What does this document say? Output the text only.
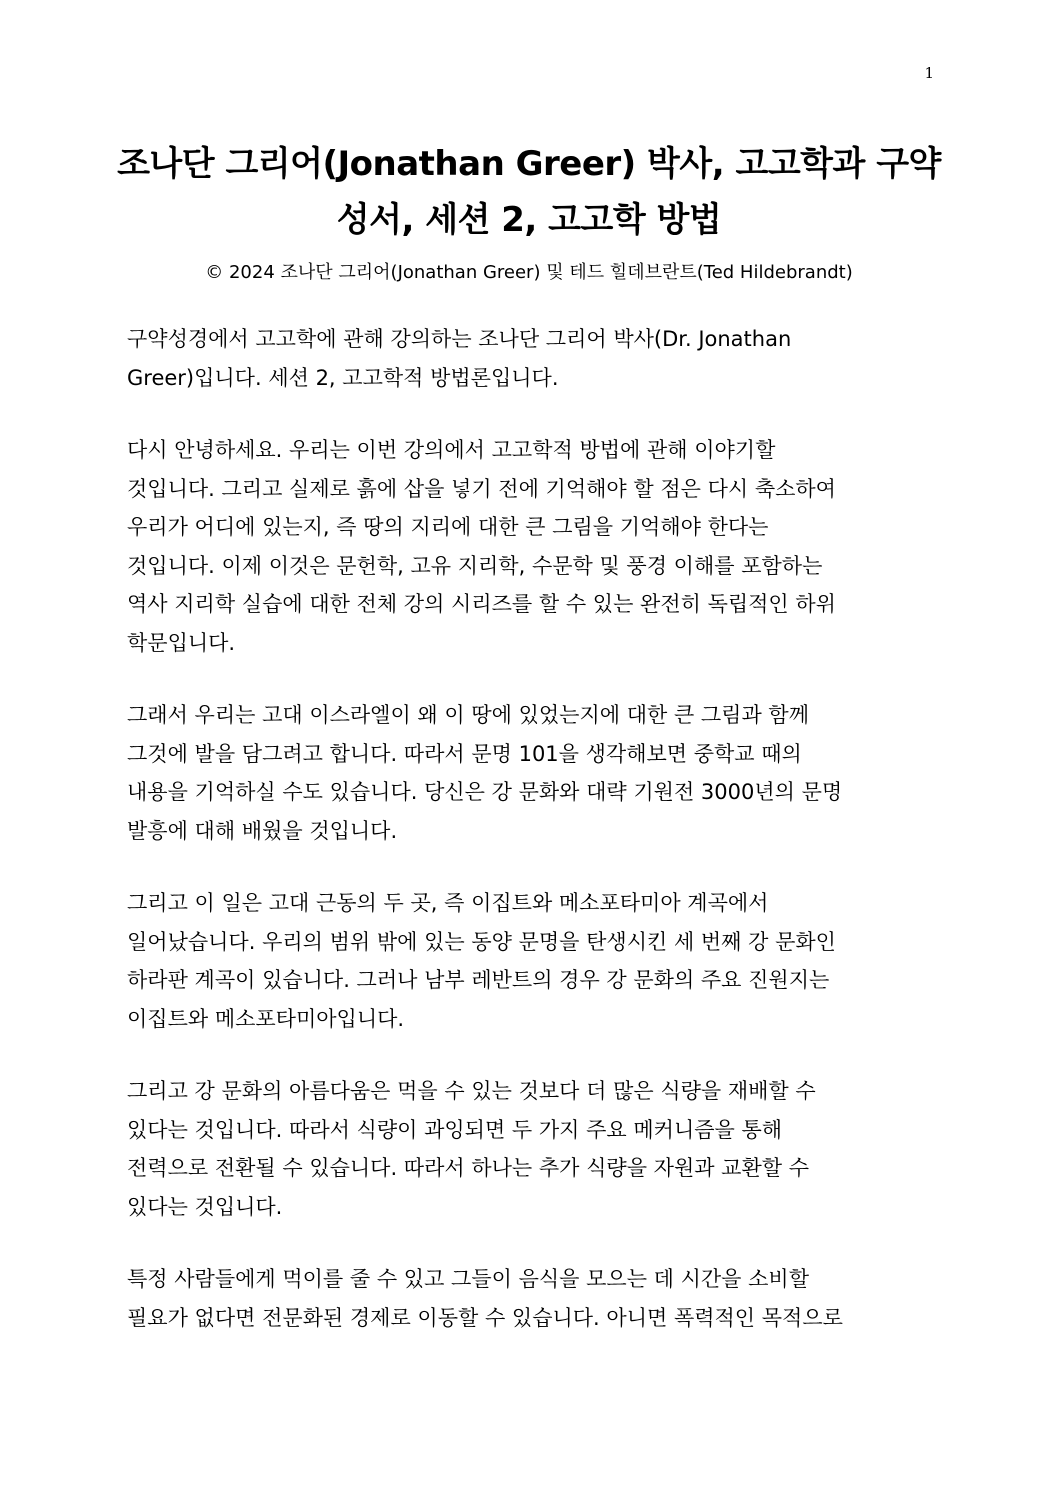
1
조나단 그리어(Jonathan Greer) 박사, 고고학과 구약
성서, 세션 2, 고고학 방법
© 2024 조나단 그리어(Jonathan Greer) 및 테드 힐데브란트(Ted Hildebrandt)

구약성경에서 고고학에 관해 강의하는 조나단 그리어 박사(Dr. Jonathan
Greer)입니다. 세션 2, 고고학적 방법론입니다.

다시 안녕하세요. 우리는 이번 강의에서 고고학적 방법에 관해 이야기할
것입니다. 그리고 실제로 흙에 삽을 넣기 전에 기억해야 할 점은 다시 축소하여
우리가 어디에 있는지, 즉 땅의 지리에 대한 큰 그림을 기억해야 한다는
것입니다. 이제 이것은 문헌학, 고유 지리학, 수문학 및 풍경 이해를 포함하는
역사 지리학 실습에 대한 전체 강의 시리즈를 할 수 있는 완전히 독립적인 하위
학문입니다.

그래서 우리는 고대 이스라엘이 왜 이 땅에 있었는지에 대한 큰 그림과 함께
그것에 발을 담그려고 합니다. 따라서 문명 101을 생각해보면 중학교 때의
내용을 기억하실 수도 있습니다. 당신은 강 문화와 대략 기원전 3000년의 문명
발흥에 대해 배웠을 것입니다.

그리고 이 일은 고대 근동의 두 곳, 즉 이집트와 메소포타미아 계곡에서
일어났습니다. 우리의 범위 밖에 있는 동양 문명을 탄생시킨 세 번째 강 문화인
하라판 계곡이 있습니다. 그러나 남부 레반트의 경우 강 문화의 주요 진원지는
이집트와 메소포타미아입니다.

그리고 강 문화의 아름다움은 먹을 수 있는 것보다 더 많은 식량을 재배할 수
있다는 것입니다. 따라서 식량이 과잉되면 두 가지 주요 메커니즘을 통해
전력으로 전환될 수 있습니다. 따라서 하나는 추가 식량을 자원과 교환할 수
있다는 것입니다.

특정 사람들에게 먹이를 줄 수 있고 그들이 음식을 모으는 데 시간을 소비할
필요가 없다면 전문화된 경제로 이동할 수 있습니다. 아니면 폭력적인 목적으로
